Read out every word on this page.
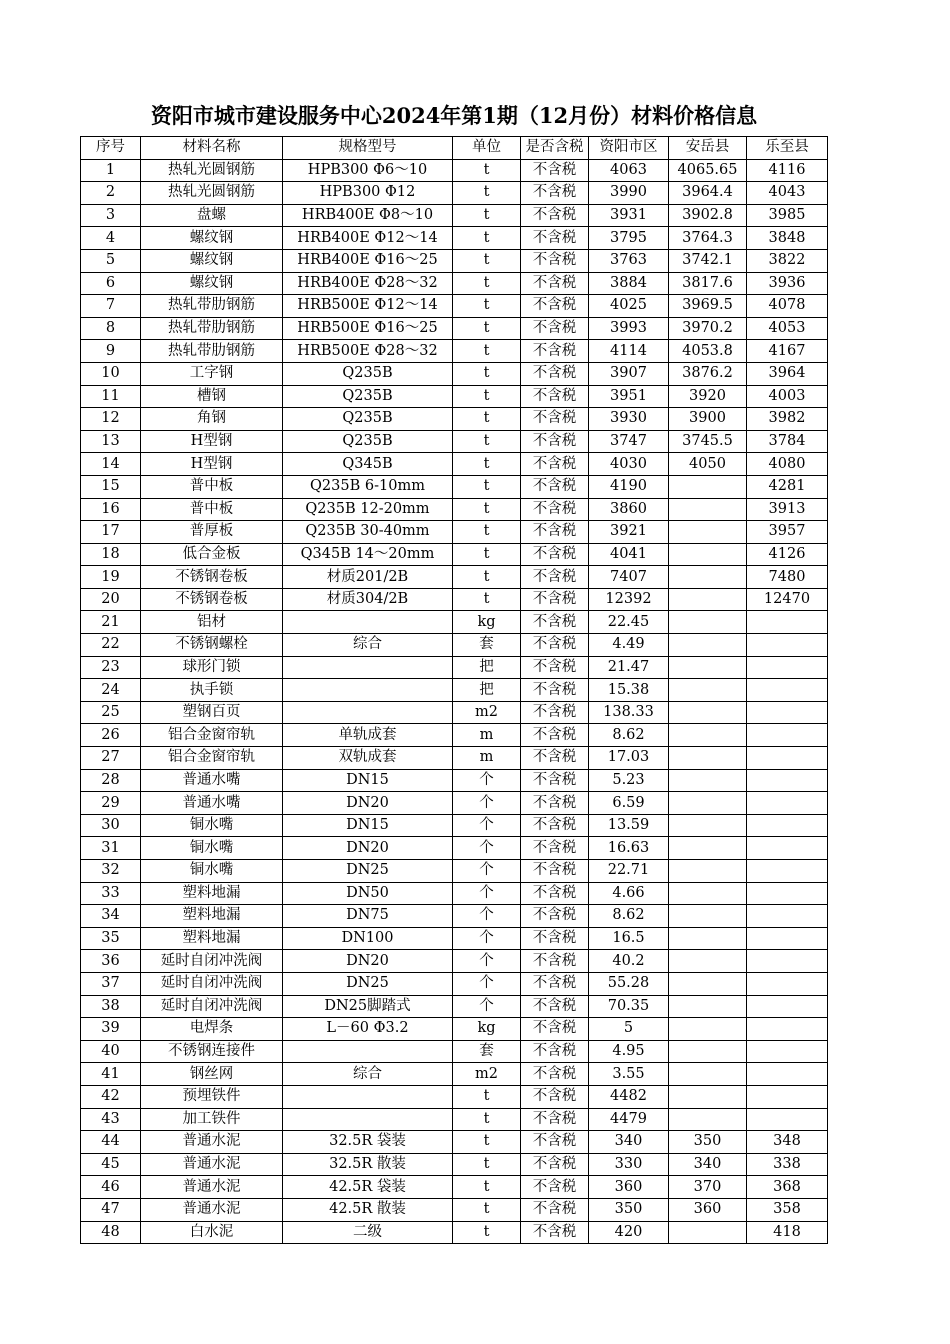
资阳市城市建设服务中心2024年第1期（12月份）材料价格信息
序号	材料名称	规格型号	单位	是否含税	资阳市区	安岳县	乐至县
1	热轧光圆钢筋	HPB300 Φ6～10	t	不含税	4063	4065.65	4116
2	热轧光圆钢筋	HPB300 Φ12	t	不含税	3990	3964.4	4043
3	盘螺	HRB400E Φ8～10	t	不含税	3931	3902.8	3985
4	螺纹钢	HRB400E Φ12～14	t	不含税	3795	3764.3	3848
5	螺纹钢	HRB400E Φ16～25	t	不含税	3763	3742.1	3822
6	螺纹钢	HRB400E Φ28～32	t	不含税	3884	3817.6	3936
7	热轧带肋钢筋	HRB500E Φ12～14	t	不含税	4025	3969.5	4078
8	热轧带肋钢筋	HRB500E Φ16～25	t	不含税	3993	3970.2	4053
9	热轧带肋钢筋	HRB500E Φ28～32	t	不含税	4114	4053.8	4167
10	工字钢	Q235B	t	不含税	3907	3876.2	3964
11	槽钢	Q235B	t	不含税	3951	3920	4003
12	角钢	Q235B	t	不含税	3930	3900	3982
13	H型钢	Q235B	t	不含税	3747	3745.5	3784
14	H型钢	Q345B	t	不含税	4030	4050	4080
15	普中板	Q235B 6-10mm	t	不含税	4190		4281
16	普中板	Q235B 12-20mm	t	不含税	3860		3913
17	普厚板	Q235B 30-40mm	t	不含税	3921		3957
18	低合金板	Q345B 14～20mm	t	不含税	4041		4126
19	不锈钢卷板	材质201/2B	t	不含税	7407		7480
20	不锈钢卷板	材质304/2B	t	不含税	12392		12470
21	铝材		kg	不含税	22.45		
22	不锈钢螺栓	综合	套	不含税	4.49		
23	球形门锁		把	不含税	21.47		
24	执手锁		把	不含税	15.38		
25	塑钢百页		m2	不含税	138.33		
26	铝合金窗帘轨	单轨成套	m	不含税	8.62		
27	铝合金窗帘轨	双轨成套	m	不含税	17.03		
28	普通水嘴	DN15	个	不含税	5.23		
29	普通水嘴	DN20	个	不含税	6.59		
30	铜水嘴	DN15	个	不含税	13.59		
31	铜水嘴	DN20	个	不含税	16.63		
32	铜水嘴	DN25	个	不含税	22.71		
33	塑料地漏	DN50	个	不含税	4.66		
34	塑料地漏	DN75	个	不含税	8.62		
35	塑料地漏	DN100	个	不含税	16.5		
36	延时自闭冲洗阀	DN20	个	不含税	40.2		
37	延时自闭冲洗阀	DN25	个	不含税	55.28		
38	延时自闭冲洗阀	DN25脚踏式	个	不含税	70.35		
39	电焊条	L－60 Φ3.2	kg	不含税	5		
40	不锈钢连接件		套	不含税	4.95		
41	钢丝网	综合	m2	不含税	3.55		
42	预埋铁件		t	不含税	4482		
43	加工铁件		t	不含税	4479		
44	普通水泥	32.5R 袋装	t	不含税	340	350	348
45	普通水泥	32.5R 散装	t	不含税	330	340	338
46	普通水泥	42.5R 袋装	t	不含税	360	370	368
47	普通水泥	42.5R 散装	t	不含税	350	360	358
48	白水泥	二级	t	不含税	420		418
